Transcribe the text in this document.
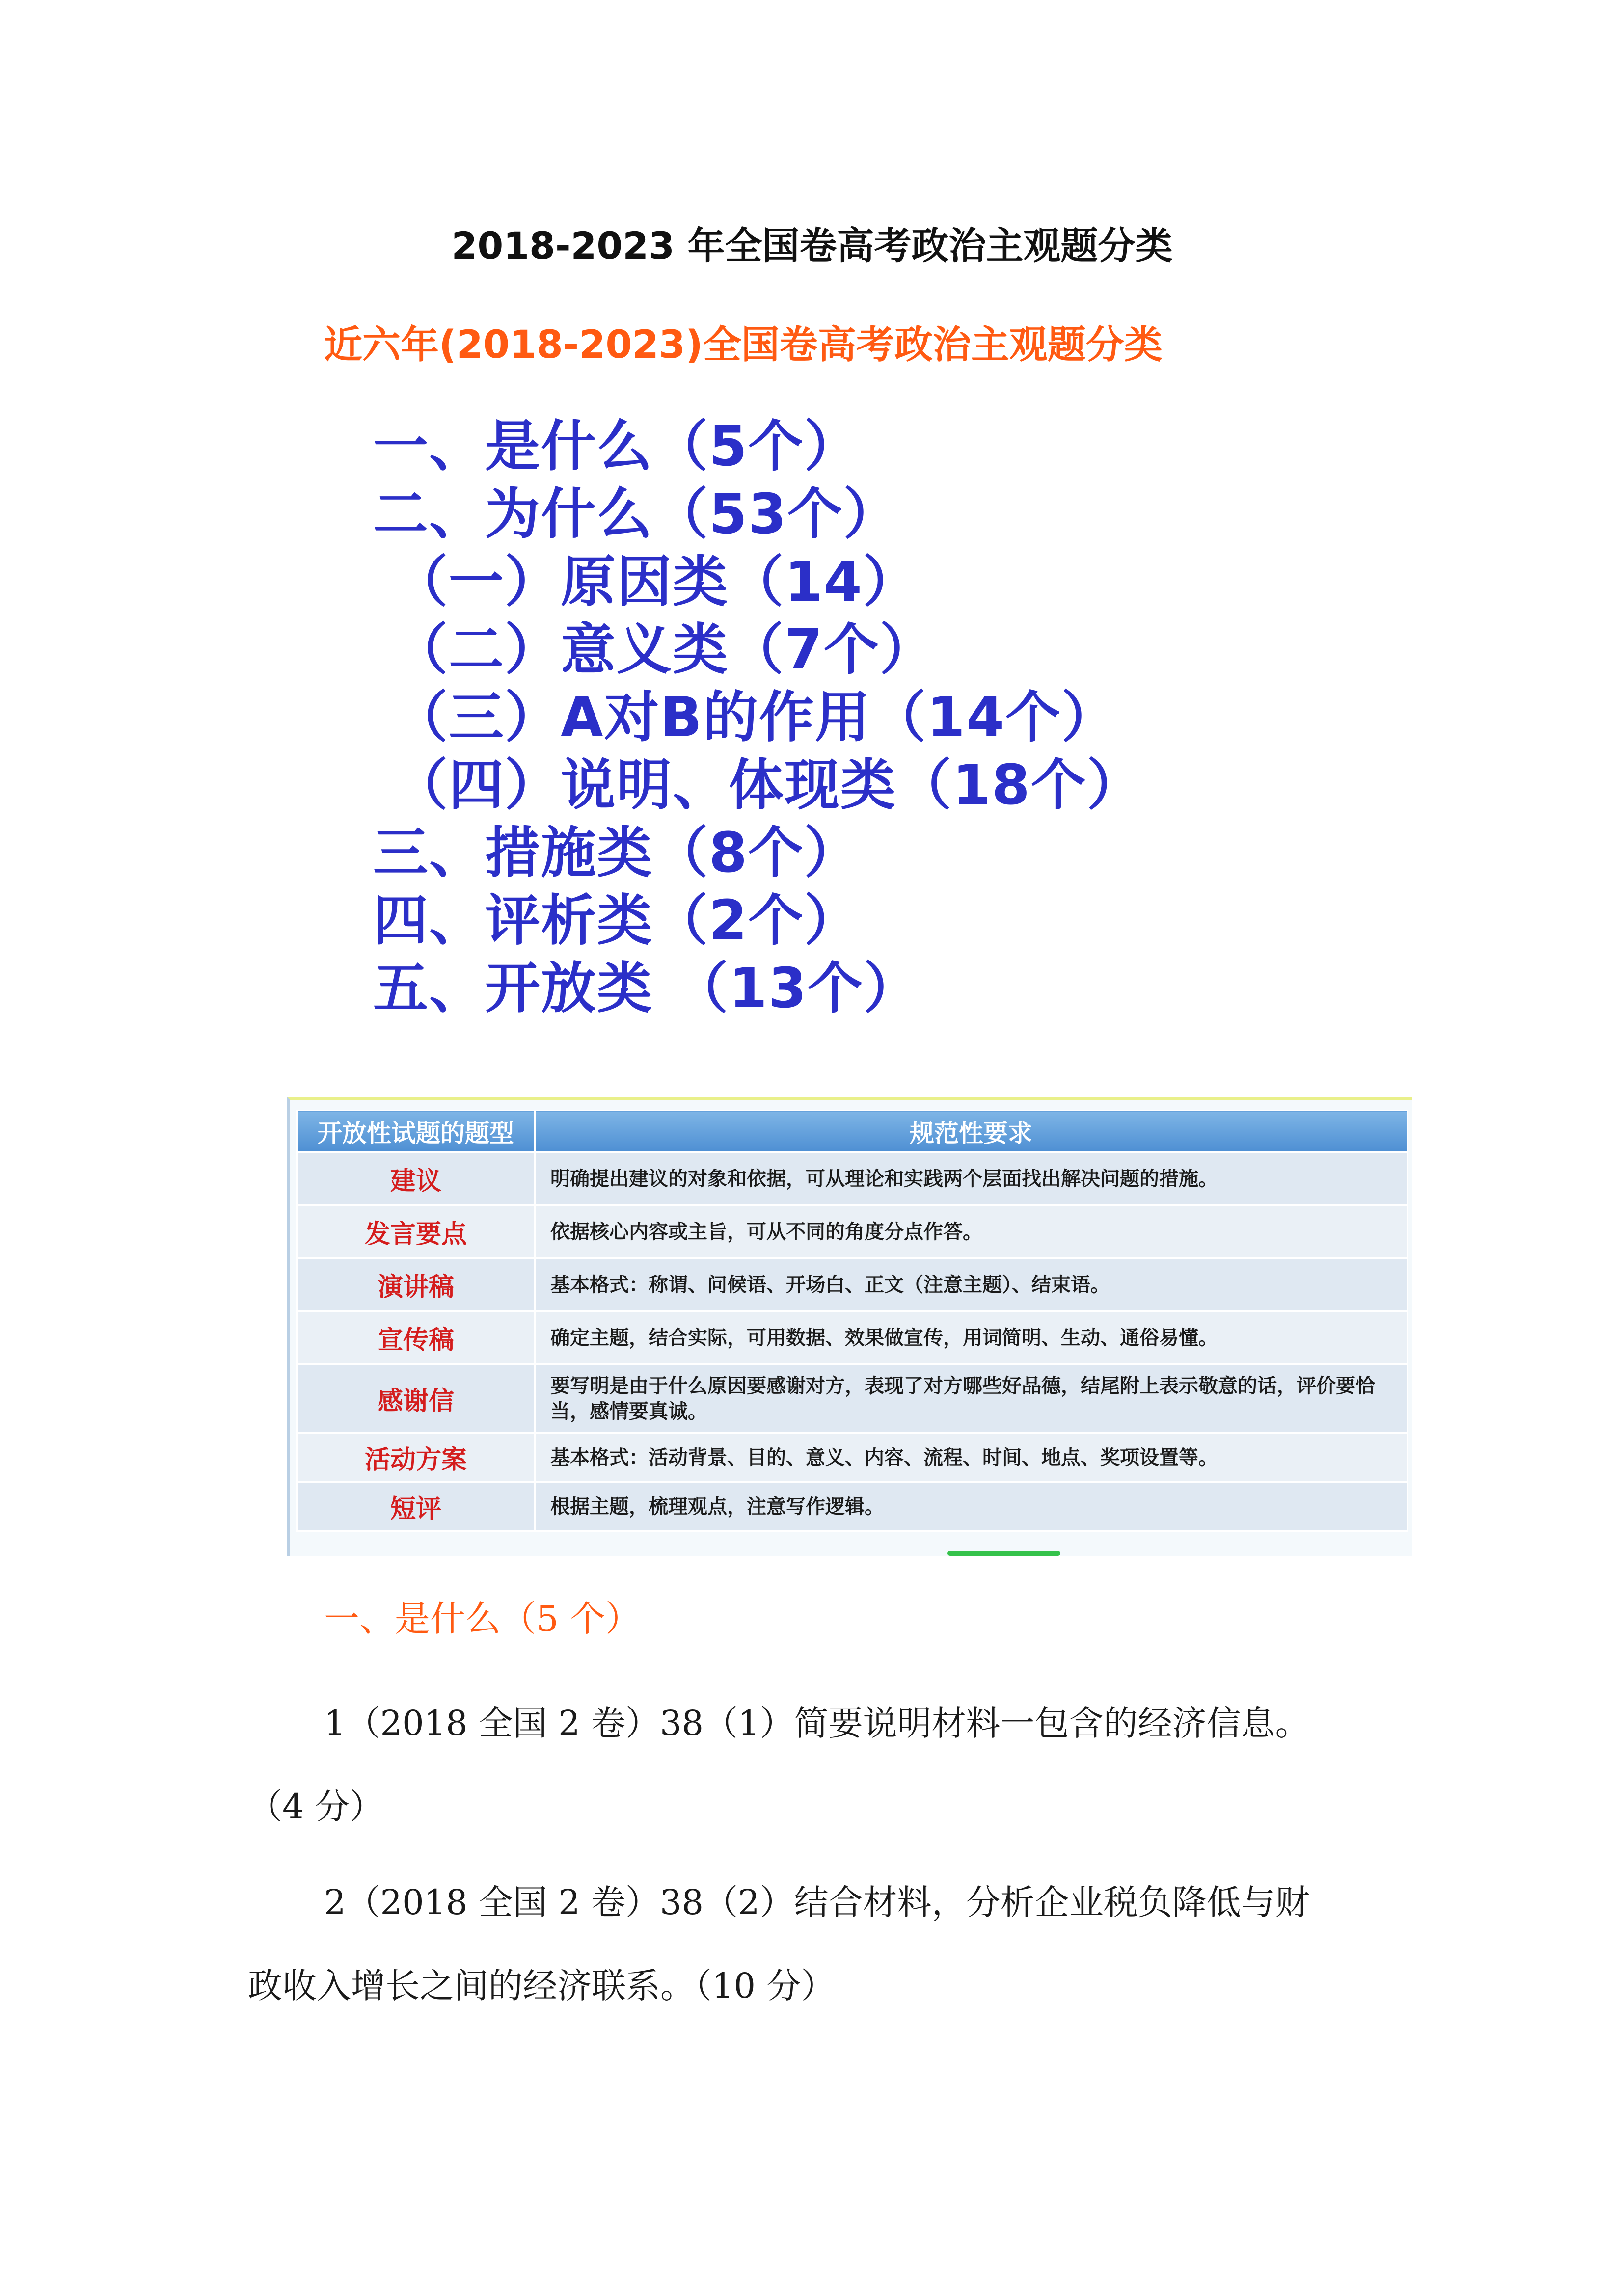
2018-2023 年全国卷高考政治主观题分类
近六年(2018-2023)全国卷高考政治主观题分类
一、是什么（5个）
二、为什么（53个）
（一）原因类（14）
（二）意义类（7个）
（三）A对B的作用（14个）
（四）说明、体现类（18个）
三、措施类（8个）
四、评析类（2个）
五、开放类 （13个）
开放性试题的题型	规范性要求
建议	明确提出建议的对象和依据，可从理论和实践两个层面找出解决问题的措施。
发言要点	依据核心内容或主旨，可从不同的角度分点作答。
演讲稿	基本格式：称谓、问候语、开场白、正文（注意主题）、结束语。
宣传稿	确定主题，结合实际，可用数据、效果做宣传，用词简明、生动、通俗易懂。
感谢信	要写明是由于什么原因要感谢对方，表现了对方哪些好品德，结尾附上表示敬意的话，评价要恰当，感情要真诚。
活动方案	基本格式：活动背景、目的、意义、内容、流程、时间、地点、奖项设置等。
短评	根据主题，梳理观点，注意写作逻辑。
一、是什么（5 个）
1（2018 全国 2 卷）38（1）简要说明材料一包含的经济信息。
（4 分）
2（2018 全国 2 卷）38（2）结合材料，分析企业税负降低与财
政收入增长之间的经济联系。（10 分）
